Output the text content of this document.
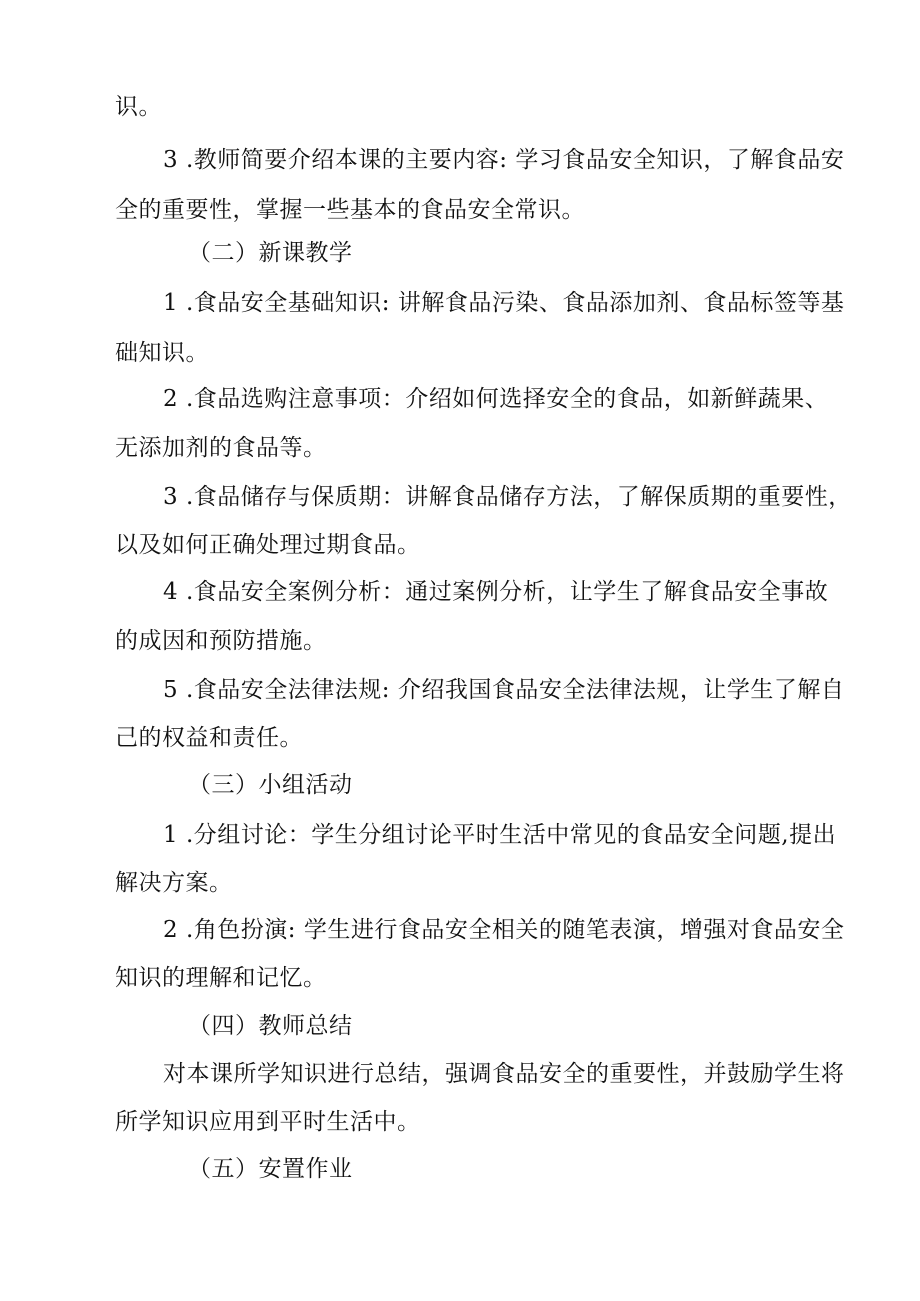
识。
3 .教师简要介绍本课的主要内容: 学习食品安全知识，了解食品安
全的重要性，掌握一些基本的食品安全常识。
（二）新课教学
1 .食品安全基础知识: 讲解食品污染、食品添加剂、食品标签等基
础知识。
2 .食品选购注意事项：介绍如何选择安全的食品，如新鲜蔬果、
无添加剂的食品等。
3 .食品储存与保质期：讲解食品储存方法，了解保质期的重要性，
以及如何正确处理过期食品。
4 .食品安全案例分析：通过案例分析，让学生了解食品安全事故
的成因和预防措施。
5 .食品安全法律法规: 介绍我国食品安全法律法规，让学生了解自
己的权益和责任。
（三）小组活动
1 .分组讨论：学生分组讨论平时生活中常见的食品安全问题,提出
解决方案。
2 .角色扮演: 学生进行食品安全相关的随笔表演，增强对食品安全
知识的理解和记忆。
（四）教师总结
对本课所学知识进行总结，强调食品安全的重要性，并鼓励学生将
所学知识应用到平时生活中。
（五）安置作业
